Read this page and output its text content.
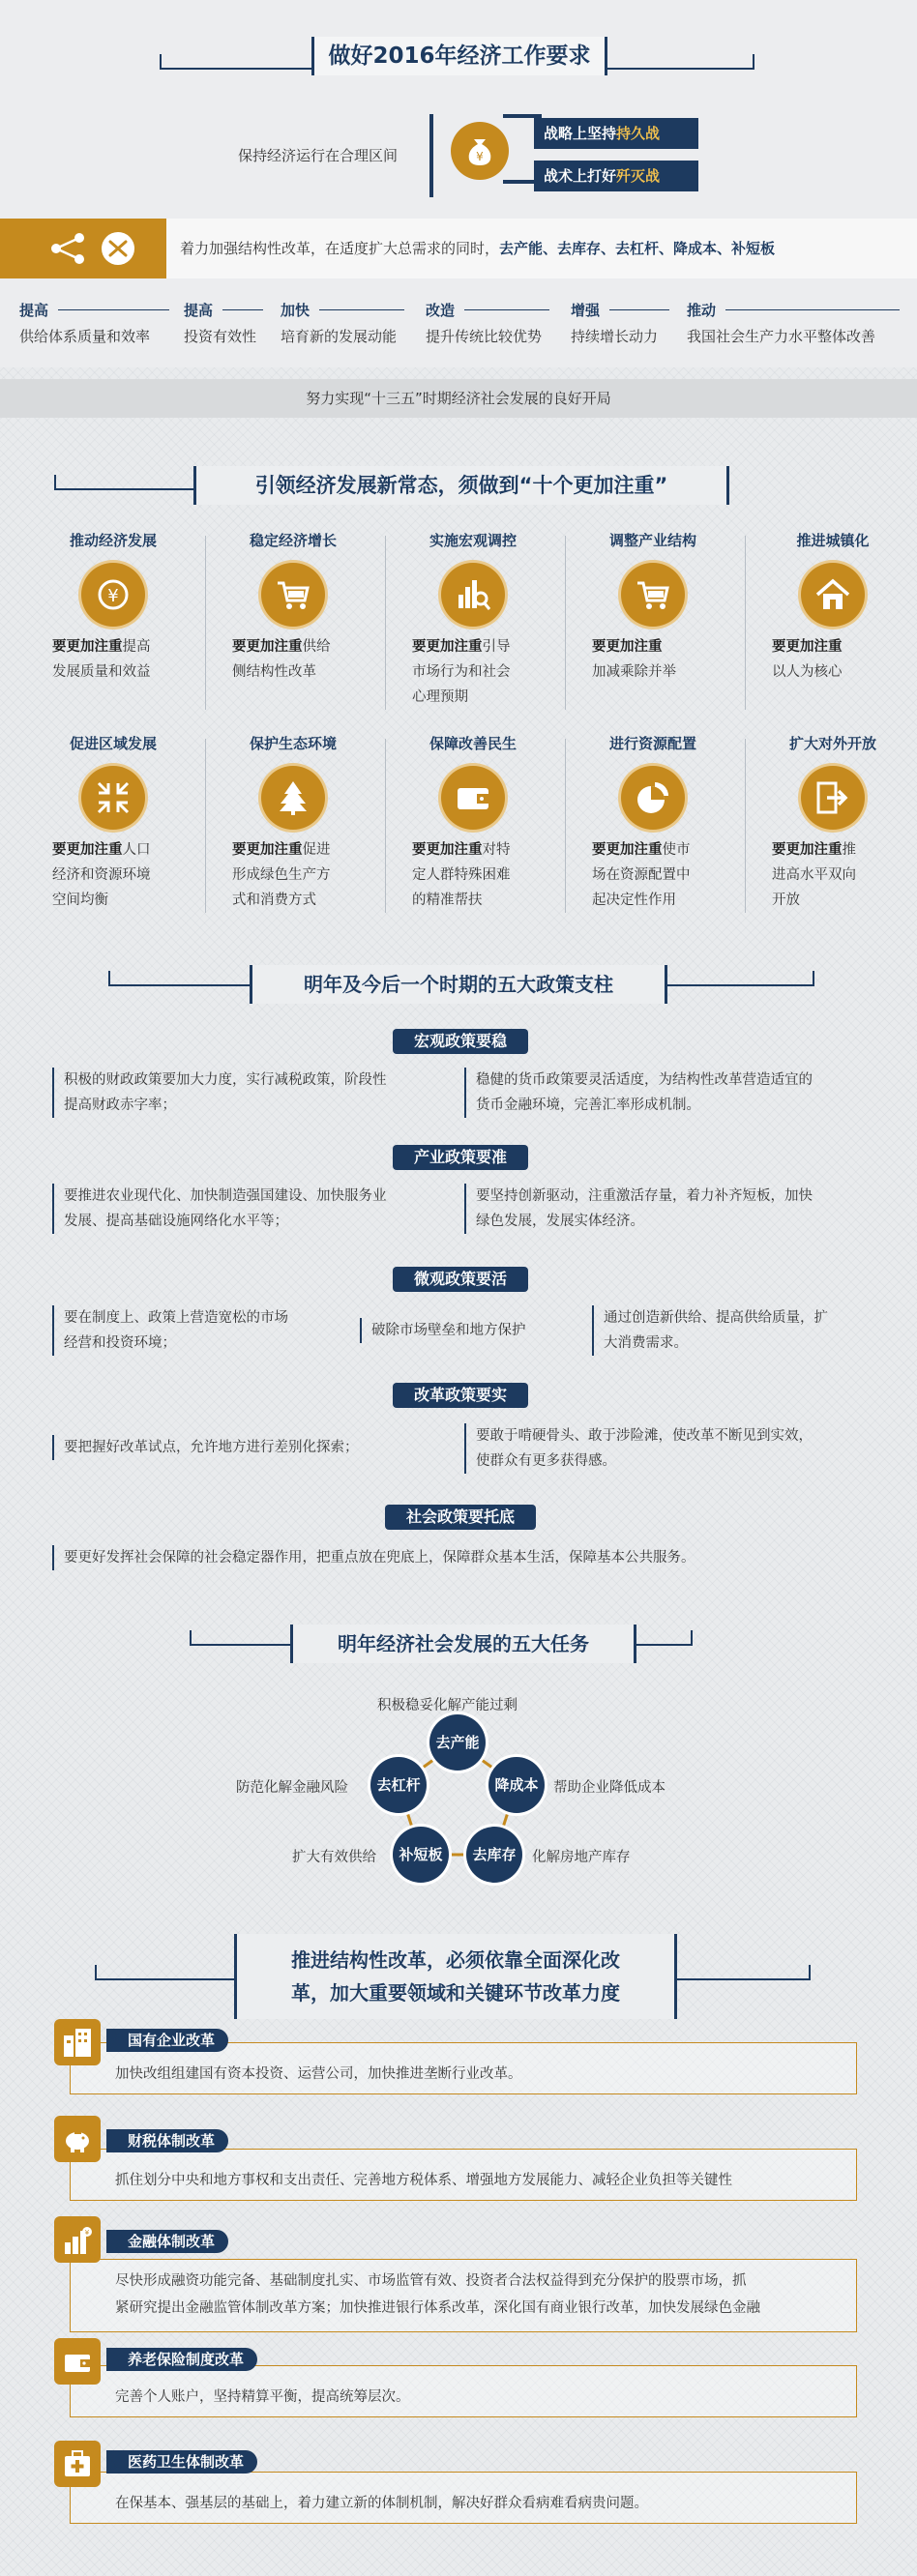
做好2016年经济工作要求
保持经济运行在合理区间	¥
战略上坚持持久战
战术上打好歼灭战
着力加强结构性改革，在适度扩大总需求的同时，去产能、去库存、去杠杆、降成本、补短板
提高
供给体系质量和效率
提高
投资有效性
加快
培育新的发展动能
改造
提升传统比较优势
增强
持续增长动力
推动
我国社会生产力水平整体改善
努力实现“十三五”时期经济社会发展的良好开局
引领经济发展新常态，须做到“十个更加注重”
推动经济发展
¥
要更加注重提高
发展质量和效益
稳定经济增长
要更加注重供给
侧结构性改革
实施宏观调控
要更加注重引导
市场行为和社会
心理预期
调整产业结构
要更加注重
加减乘除并举
推进城镇化
要更加注重
以人为核心
促进区域发展
要更加注重人口
经济和资源环境
空间均衡
保护生态环境
要更加注重促进
形成绿色生产方
式和消费方式
保障改善民生
要更加注重对特
定人群特殊困难
的精准帮扶
进行资源配置
要更加注重使市
场在资源配置中
起决定性作用
扩大对外开放
要更加注重推
进高水平双向
开放
明年及今后一个时期的五大政策支柱
宏观政策要稳
积极的财政政策要加大力度，实行减税政策，阶段性
提高财政赤字率；
稳健的货币政策要灵活适度，为结构性改革营造适宜的
货币金融环境，完善汇率形成机制。
产业政策要准
要推进农业现代化、加快制造强国建设、加快服务业
发展、提高基础设施网络化水平等；
要坚持创新驱动，注重激活存量，着力补齐短板，加快
绿色发展，发展实体经济。
微观政策要活
要在制度上、政策上营造宽松的市场
经营和投资环境；
破除市场壁垒和地方保护
通过创造新供给、提高供给质量，扩
大消费需求。
改革政策要实
要把握好改革试点，允许地方进行差别化探索；
要敢于啃硬骨头、敢于涉险滩，使改革不断见到实效，
使群众有更多获得感。
社会政策要托底
要更好发挥社会保障的社会稳定器作用，把重点放在兜底上，保障群众基本生活，保障基本公共服务。
明年经济社会发展的五大任务
积极稳妥化解产能过剩
去产能
降成本
去库存
补短板
去杠杆	帮助企业降低成本
化解房地产库存
扩大有效供给
防范化解金融风险
推进结构性改革，必须依靠全面深化改
革，加大重要领域和关键环节改革力度
加快改组组建国有资本投资、运营公司，加快推进垄断行业改革。
国有企业改革
抓住划分中央和地方事权和支出责任、完善地方税体系、增强地方发展能力、减轻企业负担等关键性
财税体制改革
尽快形成融资功能完备、基础制度扎实、市场监管有效、投资者合法权益得到充分保护的股票市场，抓
紧研究提出金融监管体制改革方案；加快推进银行体系改革，深化国有商业银行改革，加快发展绿色金融
¥	金融体制改革
完善个人账户，坚持精算平衡，提高统筹层次。
养老保险制度改革
在保基本、强基层的基础上，着力建立新的体制机制，解决好群众看病难看病贵问题。
医药卫生体制改革
